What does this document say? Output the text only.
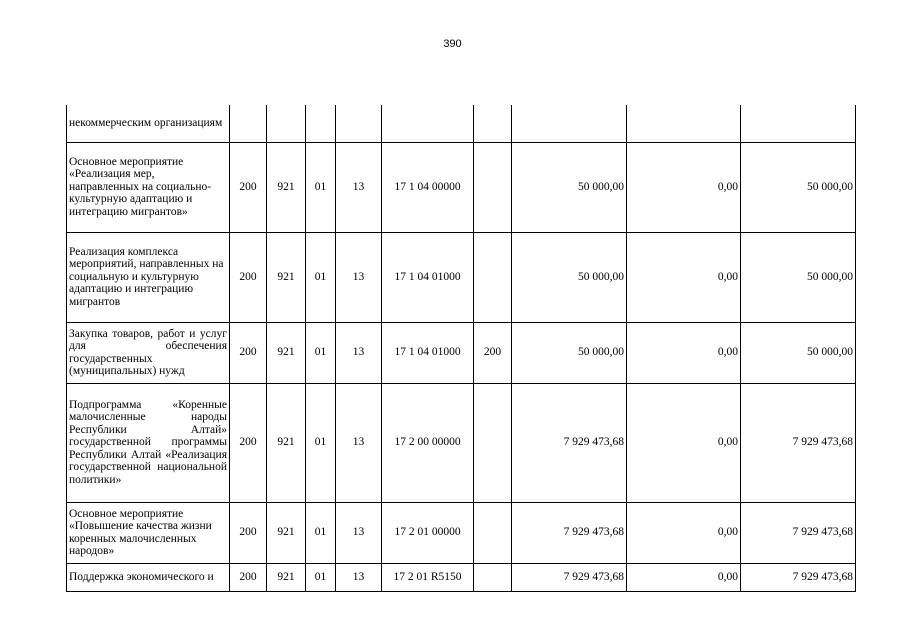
390
некоммерческим организациям									
Основное мероприятие «Реализация мер, направленных на социально-культурную адаптацию и интеграцию мигрантов»	200	921	01	13	17 1 04 00000		50 000,00	0,00	50 000,00
Реализация комплекса мероприятий, направленных на социальную и культурную адаптацию и интеграцию мигрантов	200	921	01	13	17 1 04 01000		50 000,00	0,00	50 000,00
Закупка товаров, работ и услуг для обеспечения государственных (муниципальных) нужд	200	921	01	13	17 1 04 01000	200	50 000,00	0,00	50 000,00
Подпрограмма «Коренные малочисленные народы Республики Алтай» государственной программы Республики Алтай «Реализация государственной национальной политики»	200	921	01	13	17 2 00 00000		7 929 473,68	0,00	7 929 473,68
Основное мероприятие «Повышение качества жизни коренных малочисленных народов»	200	921	01	13	17 2 01 00000		7 929 473,68	0,00	7 929 473,68
Поддержка экономического и	200	921	01	13	17 2 01 R5150		7 929 473,68	0,00	7 929 473,68
